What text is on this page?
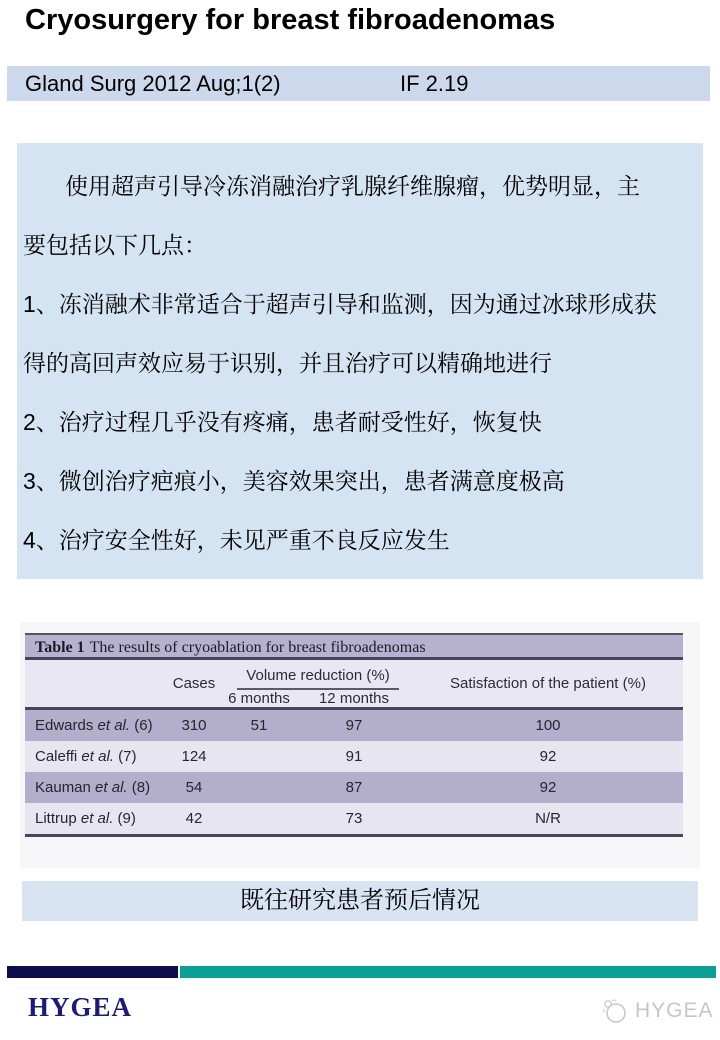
Cryosurgery for breast fibroadenomas
Gland Surg 2012 Aug;1(2)	IF 2.19
使用超声引导冷冻消融治疗乳腺纤维腺瘤，优势明显，主
要包括以下几点：
1、冻消融术非常适合于超声引导和监测，因为通过冰球形成获
得的高回声效应易于识别，并且治疗可以精确地进行
2、治疗过程几乎没有疼痛，患者耐受性好，恢复快
3、微创治疗疤痕小，美容效果突出，患者满意度极高
4、治疗安全性好，未见严重不良反应发生
Table 1 The results of cryoablation for breast fibroadenomas
	Cases	Volume reduction (%)		Satisfaction of the patient (%)
		6 months	12 months	
Edwards et al. (6)	310	51	97	100
Caleffi et al. (7)	124		91	92
Kauman et al. (8)	54		87	92
Littrup et al. (9)	42		73	N/R
既往研究患者预后情况
HYGEA	HYGEA
